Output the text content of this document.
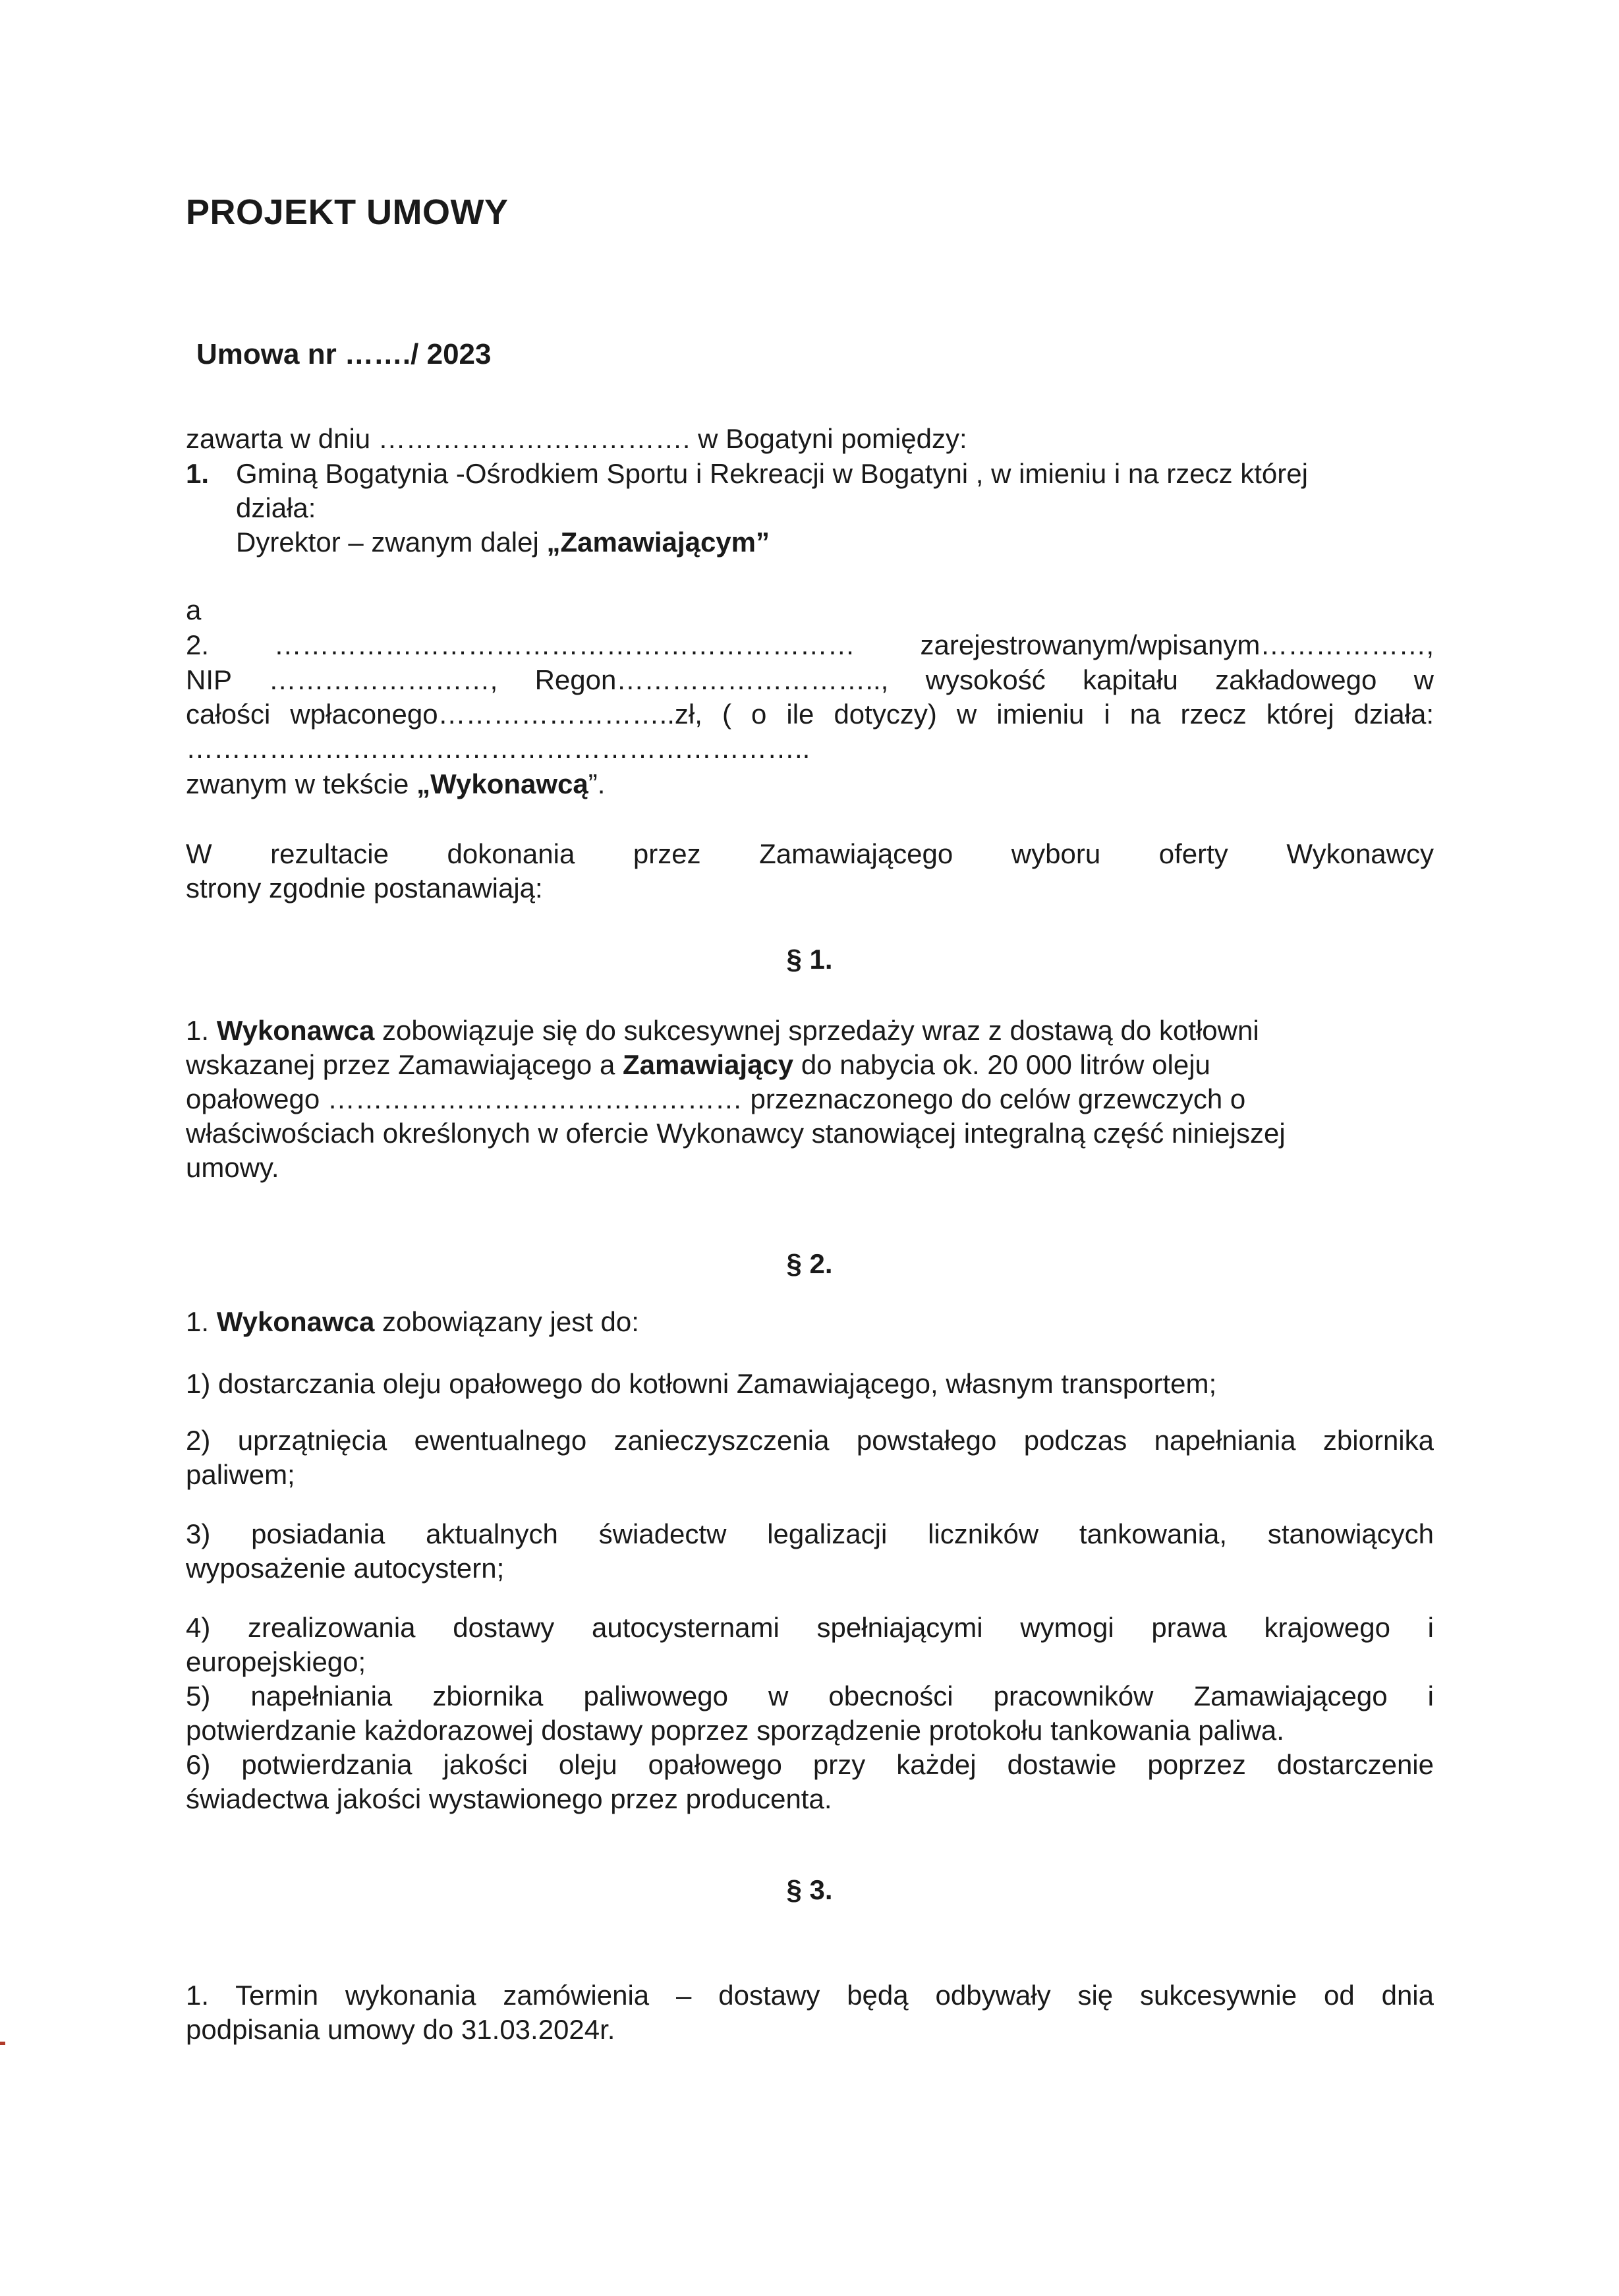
PROJEKT UMOWY
Umowa nr ……./ 2023
zawarta w dniu ……………………………. w Bogatyni pomiędzy:
1. Gminą Bogatynia -Ośrodkiem Sportu i Rekreacji w Bogatyni , w imieniu i na rzecz której
działa:
Dyrektor – zwanym dalej „Zamawiającym”
a
2. ……………………………………………………… zarejestrowanym/wpisanym………………,
NIP ……………………, Regon……………………….., wysokość kapitału zakładowego w
całości wpłaconego……………………..zł, ( o ile dotyczy) w imieniu i na rzecz której działa:
…………………………………………………………..
zwanym w tekście „Wykonawcą”.
W rezultacie dokonania przez Zamawiającego wyboru oferty Wykonawcy
strony zgodnie postanawiają:
§ 1.
1. Wykonawca zobowiązuje się do sukcesywnej sprzedaży wraz z dostawą do kotłowni
wskazanej przez Zamawiającego a Zamawiający do nabycia ok. 20 000 litrów oleju
opałowego ……………………………………… przeznaczonego do celów grzewczych o
właściwościach określonych w ofercie Wykonawcy stanowiącej integralną część niniejszej
umowy.
§ 2.
1. Wykonawca zobowiązany jest do:
1) dostarczania oleju opałowego do kotłowni Zamawiającego, własnym transportem;
2) uprzątnięcia ewentualnego zanieczyszczenia powstałego podczas napełniania zbiornika
paliwem;
3) posiadania aktualnych świadectw legalizacji liczników tankowania, stanowiących
wyposażenie autocystern;
4) zrealizowania dostawy autocysternami spełniającymi wymogi prawa krajowego i
europejskiego;
5) napełniania zbiornika paliwowego w obecności pracowników Zamawiającego i
potwierdzanie każdorazowej dostawy poprzez sporządzenie protokołu tankowania paliwa.
6) potwierdzania jakości oleju opałowego przy każdej dostawie poprzez dostarczenie
świadectwa jakości wystawionego przez producenta.
§ 3.
1. Termin wykonania zamówienia – dostawy będą odbywały się sukcesywnie od dnia
podpisania umowy do 31.03.2024r.
